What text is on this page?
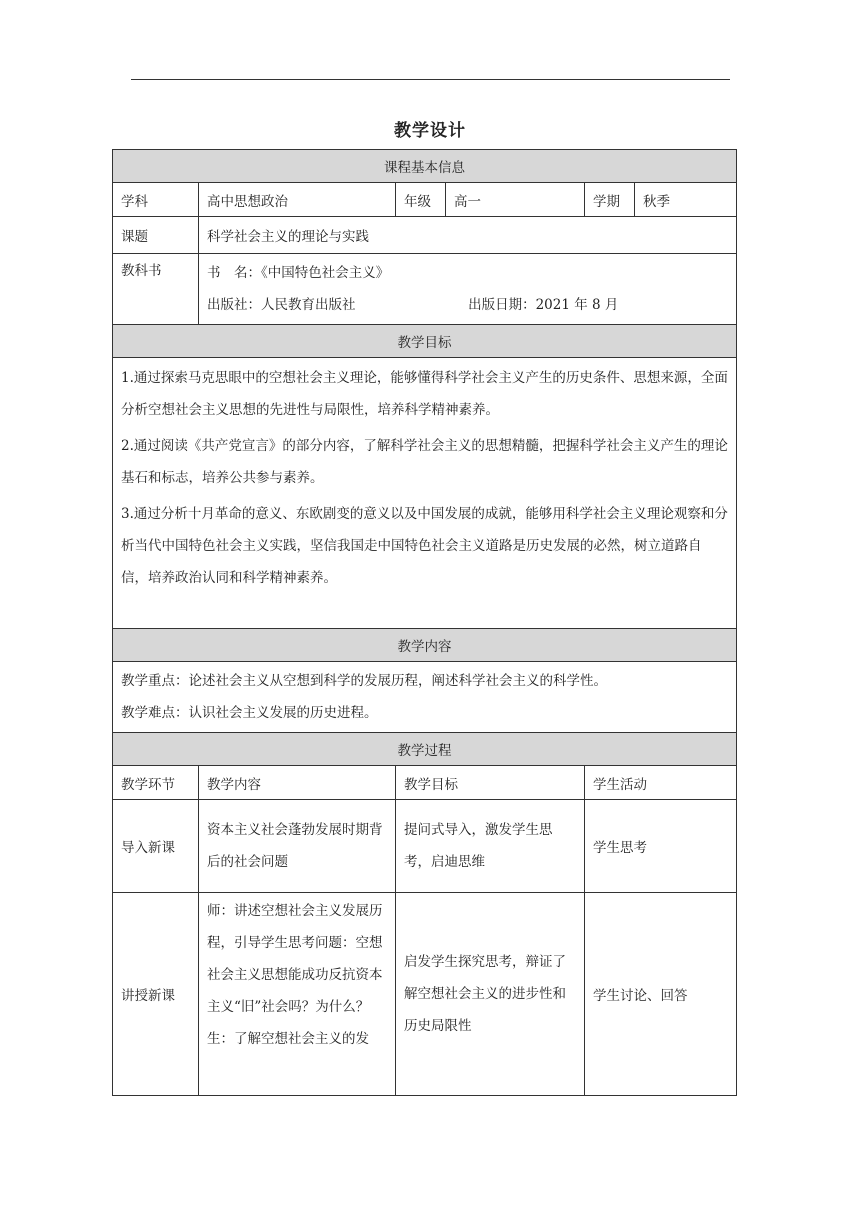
教学设计
课程基本信息					
学科	高中思想政治	年级	高一	学期	秋季
课题	科学社会主义的理论与实践				
教科书	书　名：《中国特色社会主义》
出版社：人民教育出版社 出版日期：2021 年 8 月				

教学目标					

1.通过探索马克思眼中的空想社会主义理论，能够懂得科学社会主义产生的历史条件、思想来源，全面分析空想社会主义思想的先进性与局限性，培养科学精神素养。
2.通过阅读《共产党宣言》的部分内容，了解科学社会主义的思想精髓，把握科学社会主义产生的理论基石和标志，培养公共参与素养。
3.通过分析十月革命的意义、东欧剧变的意义以及中国发展的成就，能够用科学社会主义理论观察和分析当代中国特色社会主义实践，坚信我国走中国特色社会主义道路是历史发展的必然，树立道路自信，培养政治认同和科学精神素养。					

教学内容					

教学重点：论述社会主义从空想到科学的发展历程，阐述科学社会主义的科学性。
教学难点：认识社会主义发展的历史进程。					

教学过程					
教学环节	教学内容	教学目标		学生活动	
导入新课	资本主义社会蓬勃发展时期背后的社会问题	提问式导入，激发学生思考，启迪思维		学生思考	
讲授新课	师：讲述空想社会主义发展历程，引导学生思考问题：空想社会主义思想能成功反抗资本主义“旧”社会吗？为什么？
生：了解空想社会主义的发	启发学生探究思考，辩证了解空想社会主义的进步性和历史局限性		学生讨论、回答	
